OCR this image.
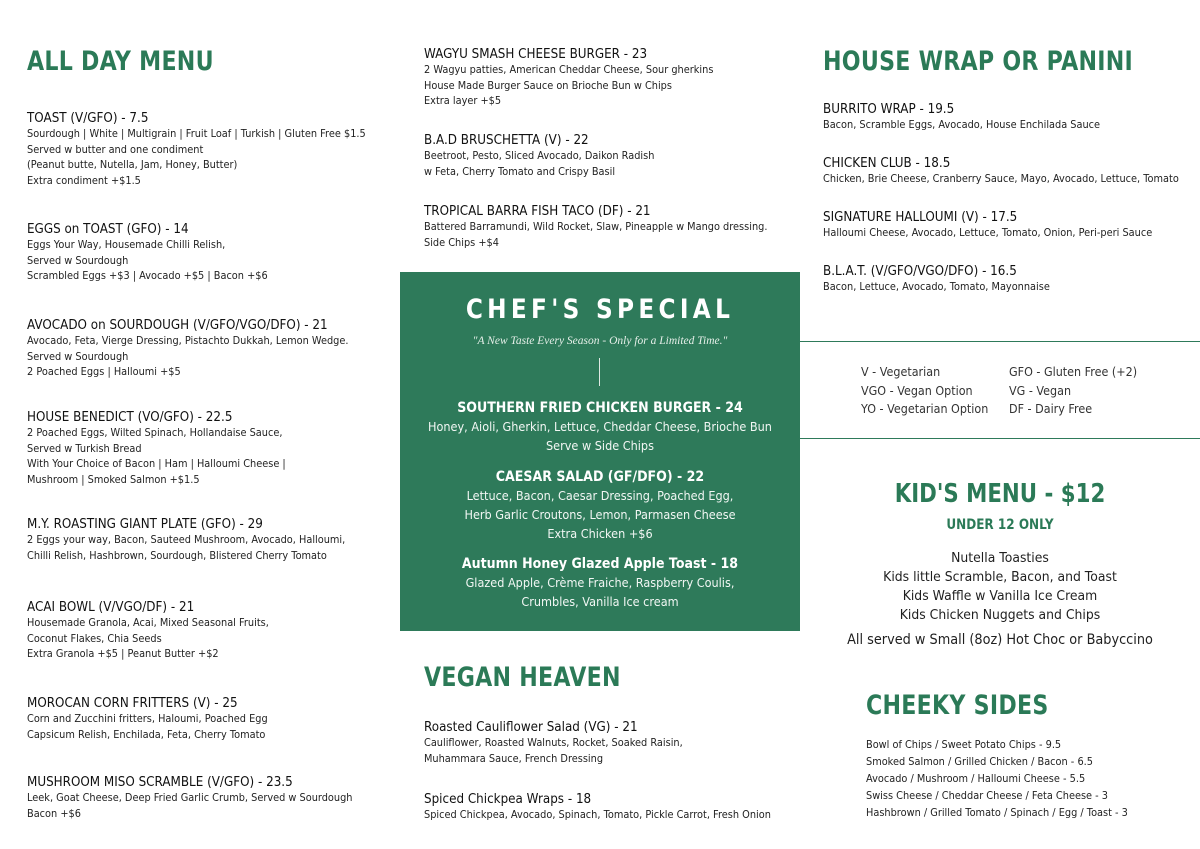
ALL DAY MENU
TOAST (V/GFO) - 7.5
Sourdough | White | Multigrain | Fruit Loaf | Turkish | Gluten Free $1.5
Served w butter and one condiment
(Peanut butte, Nutella, Jam, Honey, Butter)
Extra condiment +$1.5
EGGS on TOAST (GFO) - 14
Eggs Your Way, Housemade Chilli Relish,
Served w Sourdough
Scrambled Eggs +$3 | Avocado +$5 | Bacon +$6
AVOCADO on SOURDOUGH (V/GFO/VGO/DFO) - 21
Avocado, Feta, Vierge Dressing, Pistachto Dukkah, Lemon Wedge.
Served w Sourdough
2 Poached Eggs | Halloumi +$5
HOUSE BENEDICT (VO/GFO) - 22.5
2 Poached Eggs, Wilted Spinach, Hollandaise Sauce,
Served w Turkish Bread
With Your Choice of Bacon | Ham | Halloumi Cheese |
Mushroom | Smoked Salmon +$1.5
M.Y. ROASTING GIANT PLATE (GFO) - 29
2 Eggs your way, Bacon, Sauteed Mushroom, Avocado, Halloumi,
Chilli Relish, Hashbrown, Sourdough, Blistered Cherry Tomato
ACAI BOWL (V/VGO/DF) - 21
Housemade Granola, Acai, Mixed Seasonal Fruits,
Coconut Flakes, Chia Seeds
Extra Granola +$5 | Peanut Butter +$2
MOROCAN CORN FRITTERS (V) - 25
Corn and Zucchini fritters, Haloumi, Poached Egg
Capsicum Relish, Enchilada, Feta, Cherry Tomato
MUSHROOM MISO SCRAMBLE (V/GFO) - 23.5
Leek, Goat Cheese, Deep Fried Garlic Crumb, Served w Sourdough
Bacon +$6
WAGYU SMASH CHEESE BURGER - 23
2 Wagyu patties, American Cheddar Cheese, Sour gherkins
House Made Burger Sauce on Brioche Bun w Chips
Extra layer +$5
B.A.D BRUSCHETTA (V) - 22
Beetroot, Pesto, Sliced Avocado, Daikon Radish
w Feta, Cherry Tomato and Crispy Basil
TROPICAL BARRA FISH TACO (DF) - 21
Battered Barramundi, Wild Rocket, Slaw, Pineapple w Mango dressing.
Side Chips +$4
CHEF'S SPECIAL
"A New Taste Every Season - Only for a Limited Time."
SOUTHERN FRIED CHICKEN BURGER - 24
Honey, Aioli, Gherkin, Lettuce, Cheddar Cheese, Brioche Bun
Serve w Side Chips
CAESAR SALAD (GF/DFO) - 22
Lettuce, Bacon, Caesar Dressing, Poached Egg,
Herb Garlic Croutons, Lemon, Parmasen Cheese
Extra Chicken +$6
Autumn Honey Glazed Apple Toast - 18
Glazed Apple, Crème Fraiche, Raspberry Coulis,
Crumbles, Vanilla Ice cream
VEGAN HEAVEN
Roasted Cauliflower Salad (VG) - 21
Cauliflower, Roasted Walnuts, Rocket, Soaked Raisin,
Muhammara Sauce, French Dressing
Spiced Chickpea Wraps - 18
Spiced Chickpea, Avocado, Spinach, Tomato, Pickle Carrot, Fresh Onion
HOUSE WRAP OR PANINI
BURRITO WRAP - 19.5
Bacon, Scramble Eggs, Avocado, House Enchilada Sauce
CHICKEN CLUB - 18.5
Chicken, Brie Cheese, Cranberry Sauce, Mayo, Avocado, Lettuce, Tomato
SIGNATURE HALLOUMI (V) - 17.5
Halloumi Cheese, Avocado, Lettuce, Tomato, Onion, Peri-peri Sauce
B.L.A.T. (V/GFO/VGO/DFO) - 16.5
Bacon, Lettuce, Avocado, Tomato, Mayonnaise
V - Vegetarian
VGO - Vegan Option
YO - Vegetarian Option
GFO - Gluten Free (+2)
VG - Vegan
DF - Dairy Free
KID'S MENU - $12
UNDER 12 ONLY
Nutella Toasties
Kids little Scramble, Bacon, and Toast
Kids Waffle w Vanilla Ice Cream
Kids Chicken Nuggets and Chips
All served w Small (8oz) Hot Choc or Babyccino
CHEEKY SIDES
Bowl of Chips / Sweet Potato Chips - 9.5
Smoked Salmon / Grilled Chicken / Bacon - 6.5
Avocado / Mushroom / Halloumi Cheese - 5.5
Swiss Cheese / Cheddar Cheese / Feta Cheese - 3
Hashbrown / Grilled Tomato / Spinach / Egg / Toast - 3
